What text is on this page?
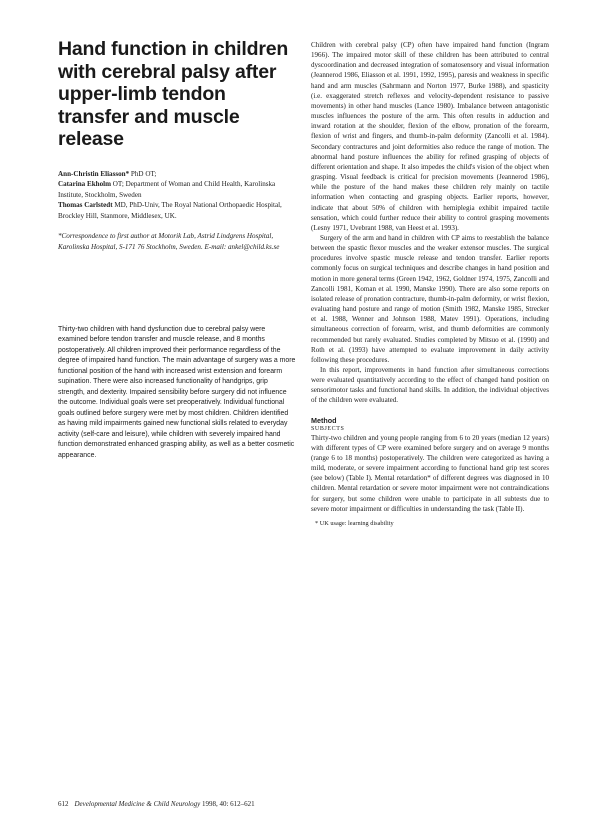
Hand function in children with cerebral palsy after upper-limb tendon transfer and muscle release

Ann-Christin Eliasson* PhD OT;
Catarina Ekholm OT; Department of Woman and Child Health, Karolinska Institute, Stockholm, Sweden
Thomas Carlstedt MD, PhD-Univ, The Royal National Orthopaedic Hospital, Brockley Hill, Stanmore, Middlesex, UK.

*Correspondence to first author at Motorik Lab, Astrid Lindgrens Hospital, Karolinska Hospital, S-171 76 Stockholm, Sweden. E-mail: ankel@child.ks.se

Thirty-two children with hand dysfunction due to cerebral palsy were examined before tendon transfer and muscle release, and 8 months postoperatively. All children improved their performance regardless of the degree of impaired hand function. The main advantage of surgery was a more functional position of the hand with increased wrist extension and forearm supination. There were also increased functionality of handgrips, grip strength, and dexterity. Impaired sensibility before surgery did not influence the outcome. Individual goals were set preoperatively. Individual functional goals outlined before surgery were met by most children. Children identified as having mild impairments gained new functional skills related to everyday activity (self-care and leisure), while children with severely impaired hand function demonstrated enhanced grasping ability, as well as a better cosmetic appearance.

Children with cerebral palsy (CP) often have impaired hand function (Ingram 1966). The impaired motor skill of these children has been attributed to central dyscoordination and decreased integration of somatosensory and visual information (Jeannerod 1986, Eliasson et al. 1991, 1992, 1995), paresis and weakness in specific hand and arm muscles (Sahrmann and Norton 1977, Burke 1988), and spasticity (i.e. exaggerated stretch reflexes and velocity-dependent resistance to passive movements) in other hand muscles (Lance 1980). Imbalance between antagonistic muscles influences the posture of the arm. This often results in adduction and inward rotation at the shoulder, flexion of the elbow, pronation of the forearm, flexion of wrist and fingers, and thumb-in-palm deformity (Zancolli et al. 1984). Secondary contractures and joint deformities also reduce the range of motion. The abnormal hand posture influences the ability for refined grasping of objects of different orientation and shape. It also impedes the child's vision of the object when grasping. Visual feedback is critical for precision movements (Jeannerod 1986), while the posture of the hand makes these children rely mainly on tactile information when contacting and grasping objects. Earlier reports, however, indicate that about 50% of children with hemiplegia exhibit impaired tactile sensation, which could further reduce their ability to control grasping movements (Lesny 1971, Uvebrant 1988, van Heest et al. 1993).

Surgery of the arm and hand in children with CP aims to reestablish the balance between the spastic flexor muscles and the weaker extensor muscles. The surgical procedures involve spastic muscle release and tendon transfer. Earlier reports commonly focus on surgical techniques and describe changes in hand position and motion in more general terms (Green 1942, 1962, Goldner 1974, 1975, Zancolli and Zancolli 1981, Koman et al. 1990, Manske 1990). There are also some reports on isolated release of pronation contracture, thumb-in-palm deformity, or wrist flexion, evaluating hand posture and range of motion (Smith 1982, Manske 1985, Strecker et al. 1988, Wenner and Johnson 1988, Matev 1991). Operations, including simultaneous correction of forearm, wrist, and thumb deformities are commonly recommended but rarely evaluated. Studies completed by Mitsuo et al. (1990) and Roth et al. (1993) have attempted to evaluate improvement in daily activity following these procedures.

In this report, improvements in hand function after simultaneous corrections were evaluated quantitatively according to the effect of changed hand position on sensorimotor tasks and functional hand skills. In addition, the individual objectives of the children were evaluated.

Method
SUBJECTS

Thirty-two children and young people ranging from 6 to 20 years (median 12 years) with different types of CP were examined before surgery and on average 9 months (range 6 to 18 months) postoperatively. The children were categorized as having a mild, moderate, or severe impairment according to functional hand grip test scores (see below) (Table I). Mental retardation* of different degrees was diagnosed in 10 children. Mental retardation or severe motor impairment were not contraindications for surgery, but some children were unable to participate in all subtests due to severe motor impairment or difficulties in understanding the task (Table II).

* UK usage: learning disability
612 Developmental Medicine & Child Neurology 1998, 40: 612–621
